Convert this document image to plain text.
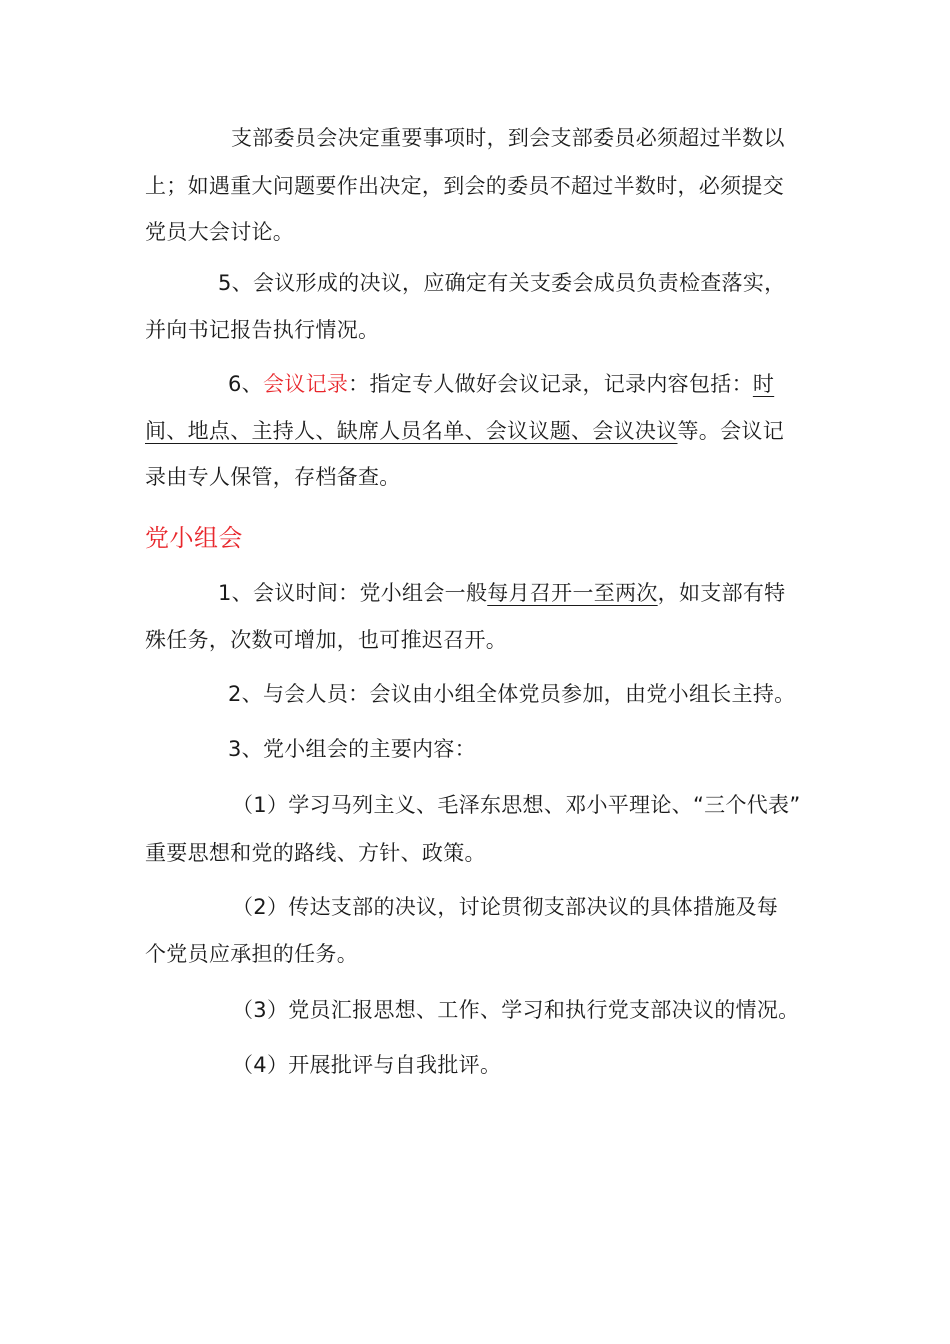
支部委员会决定重要事项时，到会支部委员必须超过半数以
上；如遇重大问题要作出决定，到会的委员不超过半数时，必须提交
党员大会讨论。
5、会议形成的决议，应确定有关支委会成员负责检查落实，
并向书记报告执行情况。
6、会议记录：指定专人做好会议记录，记录内容包括：时
间、地点、主持人、缺席人员名单、会议议题、会议决议等。会议记
录由专人保管，存档备查。
党小组会
1、会议时间：党小组会一般每月召开一至两次，如支部有特
殊任务，次数可增加，也可推迟召开。
2、与会人员：会议由小组全体党员参加，由党小组长主持。
3、党小组会的主要内容：
（1）学习马列主义、毛泽东思想、邓小平理论、“三个代表”
重要思想和党的路线、方针、政策。
（2）传达支部的决议，讨论贯彻支部决议的具体措施及每
个党员应承担的任务。
（3）党员汇报思想、工作、学习和执行党支部决议的情况。
（4）开展批评与自我批评。
